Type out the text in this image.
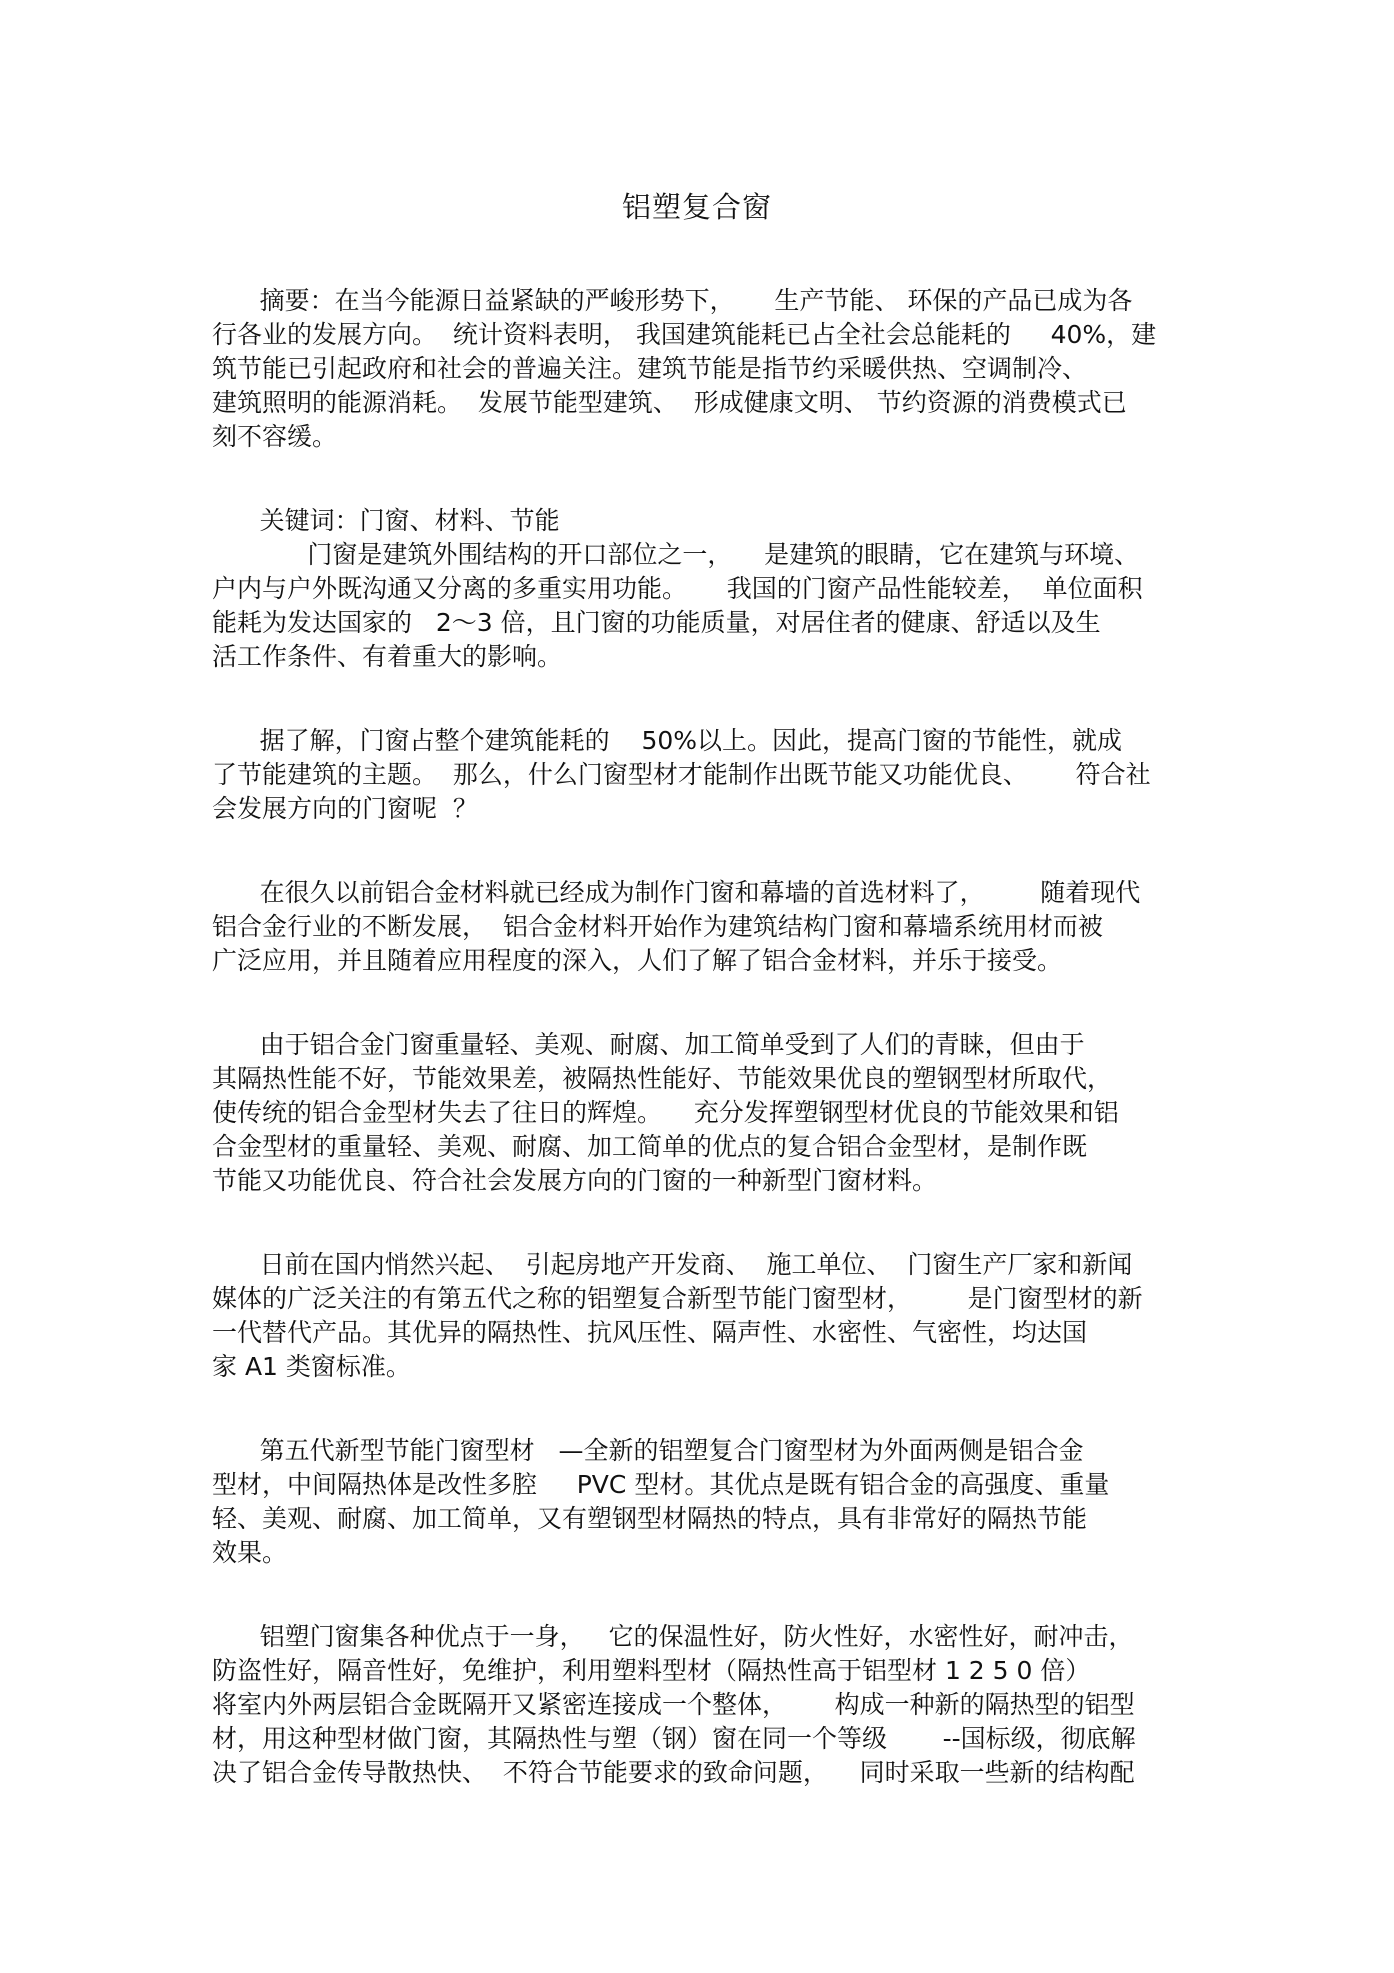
铝塑复合窗
摘要：在当今能源日益紧缺的严峻形势下，     生产节能、 环保的产品已成为各
行各业的发展方向。  统计资料表明， 我国建筑能耗已占全社会总能耗的     40%，建
筑节能已引起政府和社会的普遍关注。建筑节能是指节约采暖供热、空调制冷、
建筑照明的能源消耗。  发展节能型建筑、  形成健康文明、 节约资源的消费模式已
刻不容缓。
关键词：门窗、材料、节能
门窗是建筑外围结构的开口部位之一，    是建筑的眼睛，它在建筑与环境、
户内与户外既沟通又分离的多重实用功能。     我国的门窗产品性能较差，  单位面积
能耗为发达国家的   2～3 倍，且门窗的功能质量，对居住者的健康、舒适以及生
活工作条件、有着重大的影响。
据了解，门窗占整个建筑能耗的    50%以上。因此，提高门窗的节能性，就成
了节能建筑的主题。  那么，什么门窗型材才能制作出既节能又功能优良、      符合社
会发展方向的门窗呢  ？
在很久以前铝合金材料就已经成为制作门窗和幕墙的首选材料了，       随着现代
铝合金行业的不断发展，  铝合金材料开始作为建筑结构门窗和幕墙系统用材而被
广泛应用，并且随着应用程度的深入，人们了解了铝合金材料，并乐于接受。
由于铝合金门窗重量轻、美观、耐腐、加工简单受到了人们的青睐，但由于
其隔热性能不好，节能效果差，被隔热性能好、节能效果优良的塑钢型材所取代，
使传统的铝合金型材失去了往日的辉煌。    充分发挥塑钢型材优良的节能效果和铝
合金型材的重量轻、美观、耐腐、加工简单的优点的复合铝合金型材，是制作既
节能又功能优良、符合社会发展方向的门窗的一种新型门窗材料。
日前在国内悄然兴起、  引起房地产开发商、  施工单位、  门窗生产厂家和新闻
媒体的广泛关注的有第五代之称的铝塑复合新型节能门窗型材，       是门窗型材的新
一代替代产品。其优异的隔热性、抗风压性、隔声性、水密性、气密性，均达国
家 A1 类窗标准。
第五代新型节能门窗型材   —全新的铝塑复合门窗型材为外面两侧是铝合金
型材，中间隔热体是改性多腔     PVC 型材。其优点是既有铝合金的高强度、重量
轻、美观、耐腐、加工简单，又有塑钢型材隔热的特点，具有非常好的隔热节能
效果。
铝塑门窗集各种优点于一身，   它的保温性好，防火性好，水密性好，耐冲击，
防盗性好，隔音性好，免维护，利用塑料型材（隔热性高于铝型材 1 2 5 0 倍）
将室内外两层铝合金既隔开又紧密连接成一个整体，      构成一种新的隔热型的铝型
材，用这种型材做门窗，其隔热性与塑（钢）窗在同一个等级       --国标级，彻底解
决了铝合金传导散热快、  不符合节能要求的致命问题，    同时采取一些新的结构配
